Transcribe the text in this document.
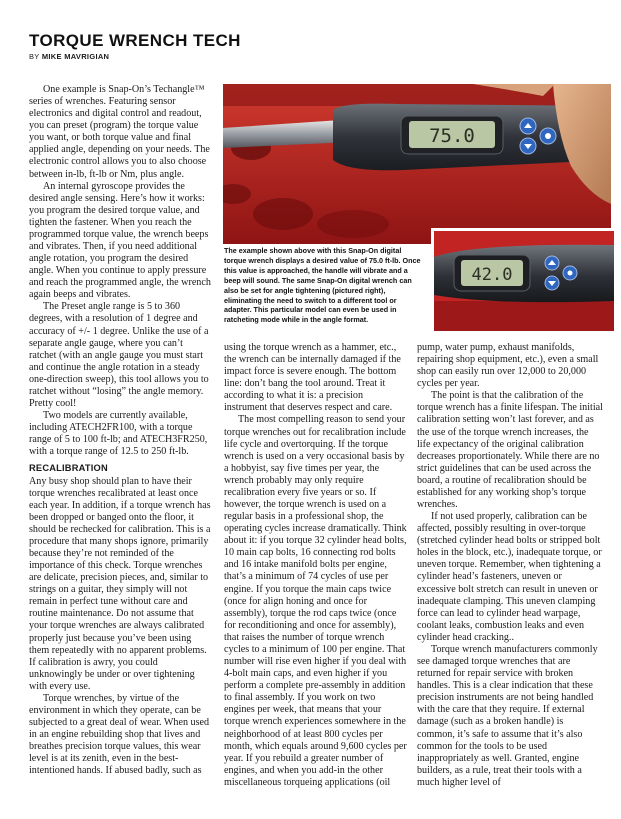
TORQUE WRENCH TECH
BY MIKE MAVRIGIAN
75.0
42.0

The example shown above with this Snap-On digital torque wrench displays a desired value of 75.0 ft-lb. Once this value is approached, the handle will vibrate and a beep will sound. The same Snap-On digital wrench can also be set for angle tightening (pictured right), eliminating the need to switch to a different tool or adapter. This particular model can even be used in ratcheting mode while in the angle format.

One example is Snap-On’s Techangle™ series of wrenches. Featuring sensor electronics and digital control and readout, you can preset (program) the torque value you want, or both torque value and final applied angle, depending on your needs. The electronic control allows you to also choose between in-lb, ft-lb or Nm, plus angle.

An internal gyroscope provides the desired angle sensing. Here’s how it works: you program the desired torque value, and tighten the fastener. When you reach the programmed torque value, the wrench beeps and vibrates. Then, if you need additional angle rotation, you program the desired angle. When you continue to apply pressure and reach the programmed angle, the wrench again beeps and vibrates.

The Preset angle range is 5 to 360 degrees, with a resolution of 1 degree and accuracy of +/- 1 degree. Unlike the use of a separate angle gauge, where you can’t ratchet (with an angle gauge you must start and continue the angle rotation in a steady one-direction sweep), this tool allows you to ratchet without “losing” the angle memory. Pretty cool!

Two models are currently available, including ATECH2FR100, with a torque range of 5 to 100 ft-lb; and ATECH3FR250, with a torque range of 12.5 to 250 ft-lb.

RECALIBRATION

Any busy shop should plan to have their torque wrenches recalibrated at least once each year. In addition, if a torque wrench has been dropped or banged onto the floor, it should be rechecked for calibration. This is a procedure that many shops ignore, primarily because they’re not reminded of the importance of this check. Torque wrenches are delicate, precision pieces, and, similar to strings on a guitar, they simply will not remain in perfect tune without care and routine maintenance. Do not assume that your torque wrenches are always calibrated properly just because you’ve been using them repeatedly with no apparent problems. If calibration is awry, you could unknowingly be under or over tightening with every use.

Torque wrenches, by virtue of the environment in which they operate, can be subjected to a great deal of wear. When used in an engine rebuilding shop that lives and breathes precision torque values, this wear level is at its zenith, even in the best-intentioned hands. If abused badly, such as

using the torque wrench as a hammer, etc., the wrench can be internally damaged if the impact force is severe enough. The bottom line: don’t bang the tool around. Treat it according to what it is: a precision instrument that deserves respect and care.

The most compelling reason to send your torque wrenches out for recalibration include life cycle and overtorquing. If the torque wrench is used on a very occasional basis by a hobbyist, say five times per year, the wrench probably may only require recalibration every five years or so. If however, the torque wrench is used on a regular basis in a professional shop, the operating cycles increase dramatically. Think about it: if you torque 32 cylinder head bolts, 10 main cap bolts, 16 connecting rod bolts and 16 intake manifold bolts per engine, that’s a minimum of 74 cycles of use per engine. If you torque the main caps twice (once for align honing and once for assembly), torque the rod caps twice (once for reconditioning and once for assembly), that raises the number of torque wrench cycles to a minimum of 100 per engine. That number will rise even higher if you deal with 4-bolt main caps, and even higher if you perform a complete pre-assembly in addition to final assembly. If you work on two engines per week, that means that your torque wrench experiences somewhere in the neighborhood of at least 800 cycles per month, which equals around 9,600 cycles per year. If you rebuild a greater number of engines, and when you add-in the other miscellaneous torqueing applications (oil

pump, water pump, exhaust manifolds, repairing shop equipment, etc.), even a small shop can easily run over 12,000 to 20,000 cycles per year.

The point is that the calibration of the torque wrench has a finite lifespan. The initial calibration setting won’t last forever, and as the use of the torque wrench increases, the life expectancy of the original calibration decreases proportionately. While there are no strict guidelines that can be used across the board, a routine of recalibration should be established for any working shop’s torque wrenches.

If not used properly, calibration can be affected, possibly resulting in over-torque (stretched cylinder head bolts or stripped bolt holes in the block, etc.), inadequate torque, or uneven torque. Remember, when tightening a cylinder head’s fasteners, uneven or excessive bolt stretch can result in uneven or inadequate clamping. This uneven clamping force can lead to cylinder head warpage, coolant leaks, combustion leaks and even cylinder head cracking..

Torque wrench manufacturers commonly see damaged torque wrenches that are returned for repair service with broken handles. This is a clear indication that these precision instruments are not being handled with the care that they require. If external damage (such as a broken handle) is common, it’s safe to assume that it’s also common for the tools to be used inappropriately as well. Granted, engine builders, as a rule, treat their tools with a much higher level of
